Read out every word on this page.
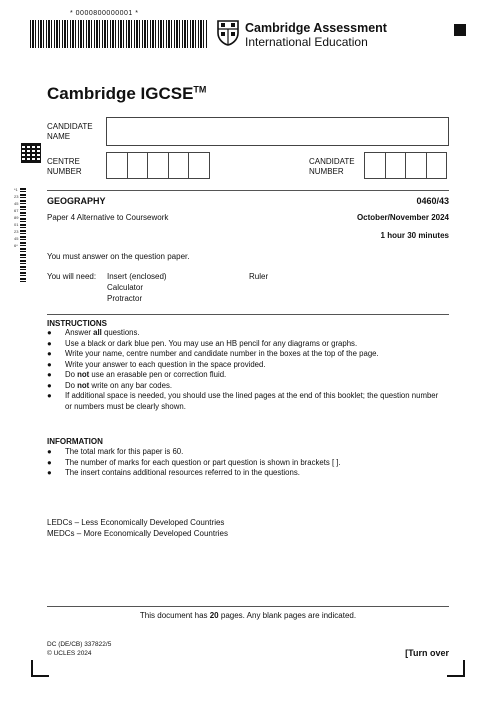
* 0000800000001 *
Cambridge Assessment
International Education
Cambridge IGCSE™
CANDIDATE
NAME
CENTRE
NUMBER
CANDIDATE
NUMBER
*1234567890123456*
GEOGRAPHY	0460/43
Paper 4 Alternative to Coursework	October/November 2024
1 hour 30 minutes
You must answer on the question paper.
You will need: Insert (enclosed)
Calculator
Protractor
Ruler
INSTRUCTIONS
● Answer all questions.
● Use a black or dark blue pen. You may use an HB pencil for any diagrams or graphs.
● Write your name, centre number and candidate number in the boxes at the top of the page.
● Write your answer to each question in the space provided.
● Do not use an erasable pen or correction fluid.
● Do not write on any bar codes.
● If additional space is needed, you should use the lined pages at the end of this booklet; the question number or numbers must be clearly shown.
INFORMATION
● The total mark for this paper is 60.
● The number of marks for each question or part question is shown in brackets [ ].
● The insert contains additional resources referred to in the questions.
LEDCs – Less Economically Developed Countries
MEDCs – More Economically Developed Countries
This document has 20 pages. Any blank pages are indicated.
DC (DE/CB) 337822/5
© UCLES 2024	[Turn over
